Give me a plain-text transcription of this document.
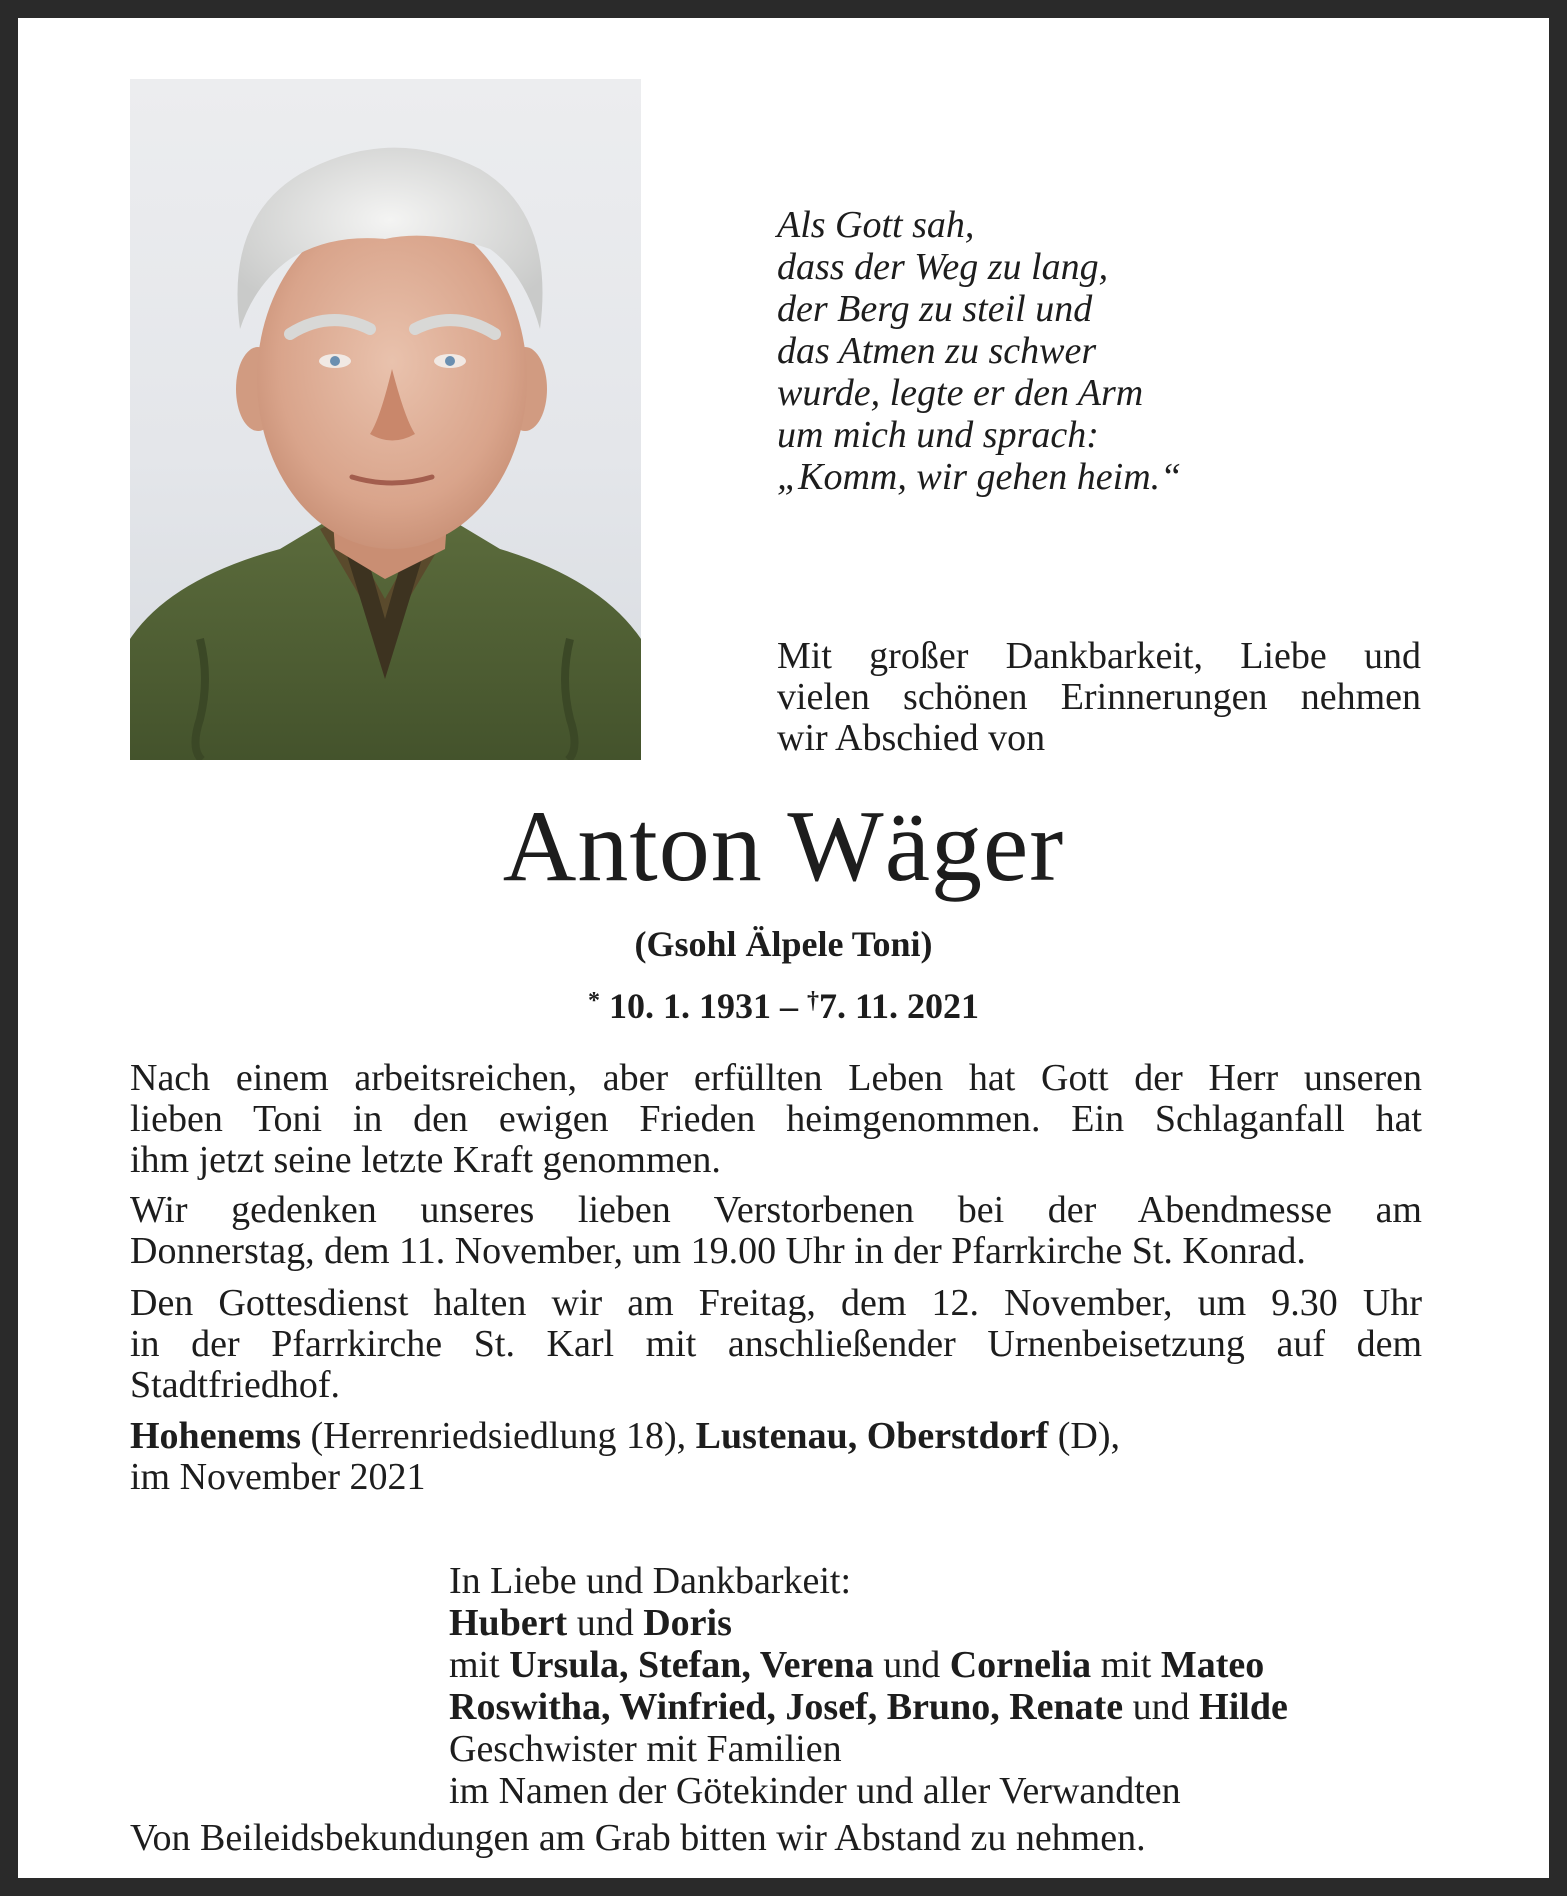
Als Gott sah,
dass der Weg zu lang,
der Berg zu steil und
das Atmen zu schwer
wurde, legte er den Arm
um mich und sprach:
„Komm, wir gehen heim.“
Mit großer Dankbarkeit, Liebe und
vielen schönen Erinnerungen nehmen
wir Abschied von
Anton Wäger
(Gsohl Älpele Toni)
* 10. 1. 1931 – †7. 11. 2021
Nach einem arbeitsreichen, aber erfüllten Leben hat Gott der Herr unseren
lieben Toni in den ewigen Frieden heimgenommen. Ein Schlaganfall hat
ihm jetzt seine letzte Kraft genommen.
Wir gedenken unseres lieben Verstorbenen bei der Abendmesse am
Donnerstag, dem 11. November, um 19.00 Uhr in der Pfarrkirche St. Konrad.
Den Gottesdienst halten wir am Freitag, dem 12. November, um 9.30 Uhr
in der Pfarrkirche St. Karl mit anschließender Urnenbeisetzung auf dem
Stadtfriedhof.
Hohenems (Herrenriedsiedlung 18), Lustenau, Oberstdorf (D),
im November 2021
In Liebe und Dankbarkeit:
Hubert und Doris
mit Ursula, Stefan, Verena und Cornelia mit Mateo
Roswitha, Winfried, Josef, Bruno, Renate und Hilde
Geschwister mit Familien
im Namen der Götekinder und aller Verwandten
Von Beileidsbekundungen am Grab bitten wir Abstand zu nehmen.
